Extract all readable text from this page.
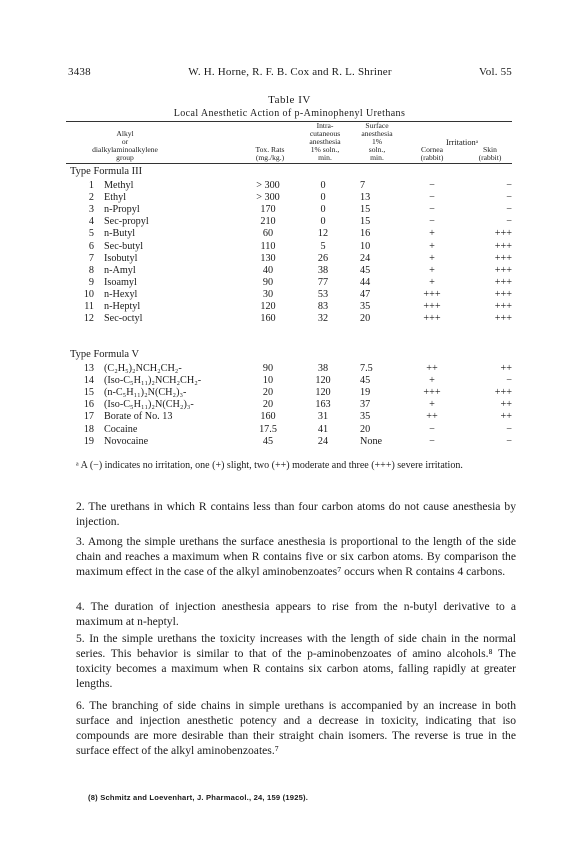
3438	W. H. Horne, R. F. B. Cox and R. L. Shriner	Vol. 55
Table IV
Local Anesthetic Action of p-Aminophenyl Urethans
Alkyl
or
dialkylaminoalkylene
group
Tox. Rats
(mg./kg.)
Intra-
cutaneous
anesthesia
1% soln.,
min.
Surface
anesthesia
1%
soln.,
min.
Irritationᵃ
Cornea
(rabbit)
Skin
(rabbit)
Type Formula III
1 Methyl	> 300	0	7	−	−
2 Ethyl	> 300	0	13	−	−
3 n-Propyl	170	0	15	−	−
4 Sec-propyl	210	0	15	−	−
5 n-Butyl	60	12	16	+	+++
6 Sec-butyl	110	5	10	+	+++
7 Isobutyl	130	26	24	+	+++
8 n-Amyl	40	38	45	+	+++
9 Isoamyl	90	77	44	+	+++
10 n-Hexyl	30	53	47	+++	+++
11 n-Heptyl	120	83	35	+++	+++
12 Sec-octyl	160	32	20	+++	+++
Type Formula V
13 (C₂H₅)₂NCH₂CH₂-	90	38	7.5	++	++
14 (Iso-C₅H₁₁)₂NCH₂CH₂-	10	120	45	+	−
15 (n-C₅H₁₁)₂N(CH₂)₃-	20	120	19	+++	+++
16 (Iso-C₅H₁₁)₂N(CH₂)₃-	20	163	37	+	++
17 Borate of No. 13	160	31	35	++	++
18 Cocaine	17.5	41	20	−	−
19 Novocaine	45	24	None	−	−
ᵃ A (−) indicates no irritation, one (+) slight, two (++) moderate and three (+++) severe irritation.
2. The urethans in which R contains less than four carbon atoms do not cause anesthesia by injection.
3. Among the simple urethans the surface anesthesia is proportional to the length of the side chain and reaches a maximum when R contains five or six carbon atoms. By comparison the maximum effect in the case of the alkyl aminobenzoates⁷ occurs when R contains 4 carbons.
4. The duration of injection anesthesia appears to rise from the n-butyl derivative to a maximum at n-heptyl.
5. In the simple urethans the toxicity increases with the length of side chain in the normal series. This behavior is similar to that of the p-aminobenzoates of amino alcohols.⁸ The toxicity becomes a maximum when R contains six carbon atoms, falling rapidly at greater lengths.
6. The branching of side chains in simple urethans is accompanied by an increase in both surface and injection anesthetic potency and a decrease in toxicity, indicating that iso compounds are more desirable than their straight chain isomers. The reverse is true in the surface effect of the alkyl aminobenzoates.⁷
(8) Schmitz and Loevenhart, J. Pharmacol., 24, 159 (1925).
